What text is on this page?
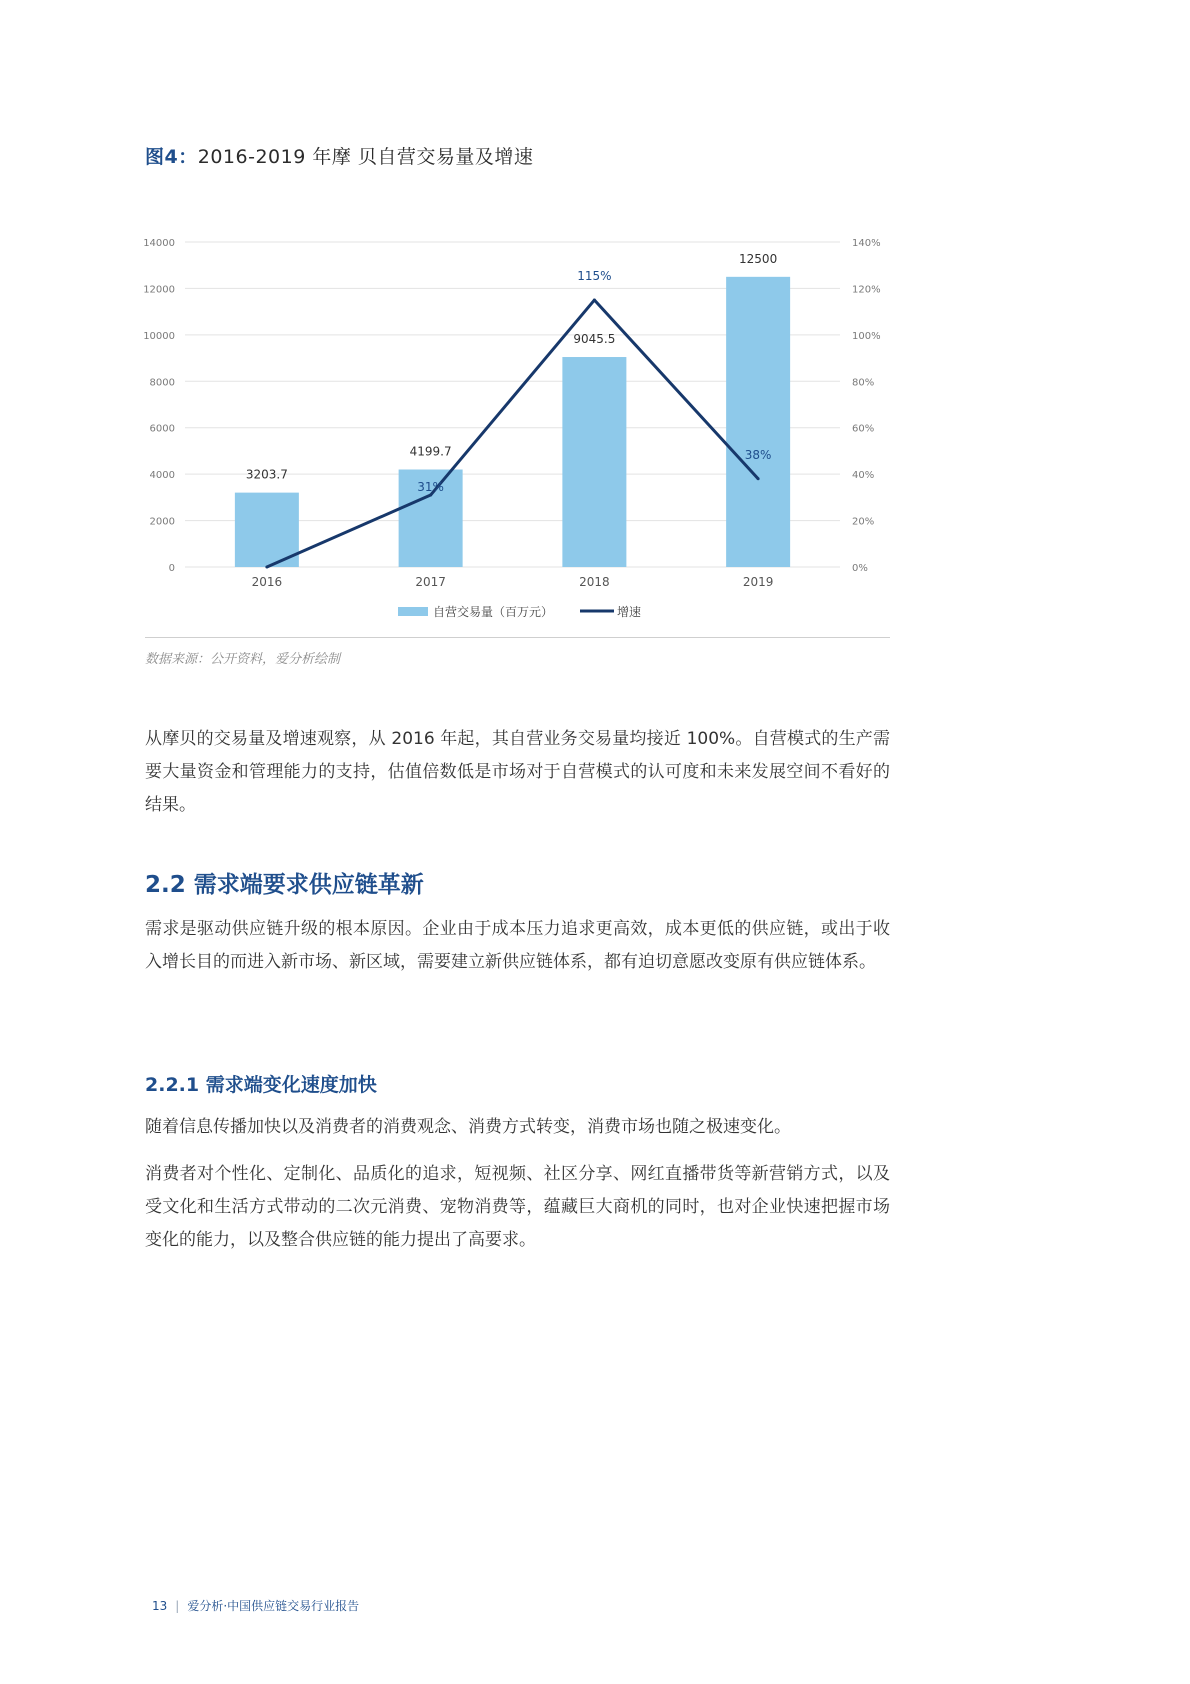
图4：2016-2019 年摩 贝自营交易量及增速
0
2000
4000
6000
8000
10000
12000
14000
0%
20%
40%
60%
80%
100%
120%
140%
2016	2017	2018	2019
3203.7
4199.7
9045.5
12500
31%
115%
38%
自营交易量（百万元）	增速
数据来源：公开资料，爱分析绘制
从摩贝的交易量及增速观察，从 2016 年起，其自营业务交易量均接近 100%。自营模式的生产需要大量资金和管理能力的支持，估值倍数低是市场对于自营模式的认可度和未来发展空间不看好的结果。
2.2 需求端要求供应链革新
需求是驱动供应链升级的根本原因。企业由于成本压力追求更高效，成本更低的供应链，或出于收入增长目的而进入新市场、新区域，需要建立新供应链体系，都有迫切意愿改变原有供应链体系。
2.2.1 需求端变化速度加快
随着信息传播加快以及消费者的消费观念、消费方式转变，消费市场也随之极速变化。
消费者对个性化、定制化、品质化的追求，短视频、社区分享、网红直播带货等新营销方式，以及受文化和生活方式带动的二次元消费、宠物消费等，蕴藏巨大商机的同时，也对企业快速把握市场变化的能力，以及整合供应链的能力提出了高要求。
13 | 爱分析·中国供应链交易行业报告
